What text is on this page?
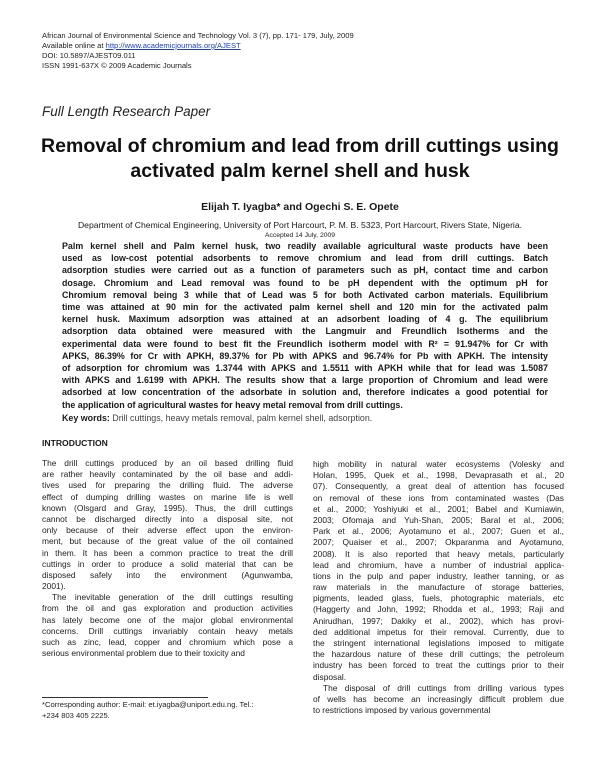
African Journal of Environmental Science and Technology Vol. 3 (7), pp. 171- 179, July, 2009
Available online at http://www.academicjournals.org/AJEST
DOI: 10.5897/AJEST09.011
ISSN 1991-637X © 2009 Academic Journals
Full Length Research Paper
Removal of chromium and lead from drill cuttings using
activated palm kernel shell and husk
Elijah T. Iyagba* and Ogechi S. E. Opete
Department of Chemical Engineering, University of Port Harcourt, P. M. B. 5323, Port Harcourt, Rivers State, Nigeria.
Accepted 14 July, 2009
Palm kernel shell and Palm kernel husk, two readily available agricultural waste products have been
used as low-cost potential adsorbents to remove chromium and lead from drill cuttings. Batch
adsorption studies were carried out as a function of parameters such as pH, contact time and carbon
dosage. Chromium and Lead removal was found to be pH dependent with the optimum pH for
Chromium removal being 3 while that of Lead was 5 for both Activated carbon materials. Equilibrium
time was attained at 90 min for the activated palm kernel shell and 120 min for the activated palm
kernel husk. Maximum adsorption was attained at an adsorbent loading of 4 g. The equilibrium
adsorption data obtained were measured with the Langmuir and Freundlich Isotherms and the
experimental data were found to best fit the Freundlich isotherm model with R² = 91.947% for Cr with
APKS, 86.39% for Cr with APKH, 89.37% for Pb with APKS and 96.74% for Pb with APKH. The intensity
of adsorption for chromium was 1.3744 with APKS and 1.5511 with APKH while that for lead was 1.5087
with APKS and 1.6199 with APKH. The results show that a large proportion of Chromium and lead were
adsorbed at low concentration of the adsorbate in solution and, therefore indicates a good potential for
the application of agricultural wastes for heavy metal removal from drill cuttings.
Key words: Drill cuttings, heavy metals removal, palm kernel shell, adsorption.
INTRODUCTION
The drill cuttings produced by an oil based drilling fluid
are rather heavily contaminated by the oil base and addi-
tives used for preparing the drilling fluid. The adverse
effect of dumping drilling wastes on marine life is well
known (Olsgard and Gray, 1995). Thus, the drill cuttings
cannot be discharged directly into a disposal site, not
only because of their adverse effect upon the environ-
ment, but because of the great value of the oil contained
in them. It has been a common practice to treat the drill
cuttings in order to produce a solid material that can be
disposed safely into the environment (Agunwamba,
2001).
The inevitable generation of the drill cuttings resulting
from the oil and gas exploration and production activities
has lately become one of the major global environmental
concerns. Drill cuttings invariably contain heavy metals
such as zinc, lead, copper and chromium which pose a
serious environmental problem due to their toxicity and
high mobility in natural water ecosystems (Volesky and
Holan, 1995, Quek et al., 1998, Devaprasath et al., 20
07). Consequently, a great deal of attention has focused
on removal of these ions from contaminated wastes (Das
et al., 2000; Yoshiyuki et al., 2001; Babel and Kurniawin,
2003; Ofomaja and Yuh-Shan, 2005; Baral et al., 2006;
Park et al., 2006; Ayotamuno et al., 2007; Guen et al.,
2007; Quaiser et al., 2007; Okparanma and Ayotamuno,
2008). It is also reported that heavy metals, particularly
lead and chromium, have a number of industrial applica-
tions in the pulp and paper industry, leather tanning, or as
raw materials in the manufacture of storage batteries,
pigments, leaded glass, fuels, photographic materials, etc
(Haggerty and John, 1992; Rhodda et al., 1993; Raji and
Anirudhan, 1997; Dakiky et al., 2002), which has provi-
ded additional impetus for their removal. Currently, due to
the stringent international legislations imposed to mitigate
the hazardous nature of these drill cuttings; the petroleum
industry has been forced to treat the cuttings prior to their
disposal.
The disposal of drill cuttings from drilling various types
of wells has become an increasingly difficult problem due
to restrictions imposed by various governmental
*Corresponding author: E-mail: et.iyagba@uniport.edu.ng. Tel.:
+234 803 405 2225.
